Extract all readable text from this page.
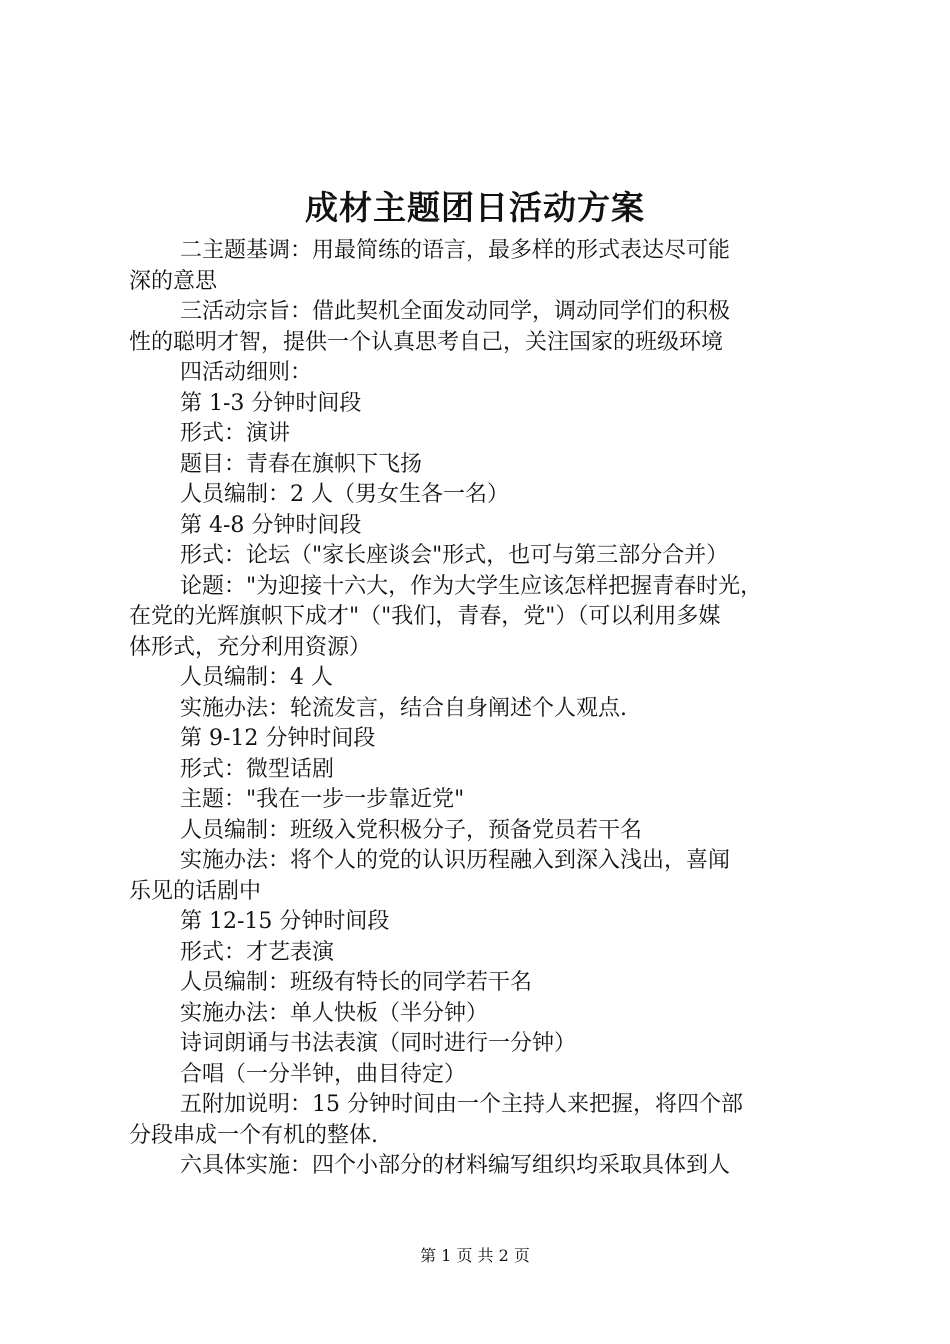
成材主题团日活动方案
二主题基调：用最简练的语言，最多样的形式表达尽可能
深的意思
三活动宗旨：借此契机全面发动同学，调动同学们的积极
性的聪明才智，提供一个认真思考自己，关注国家的班级环境
四活动细则：
第 1-3 分钟时间段
形式：演讲
题目：青春在旗帜下飞扬
人员编制：2 人（男女生各一名）
第 4-8 分钟时间段
形式：论坛（"家长座谈会"形式，也可与第三部分合并）
论题："为迎接十六大，作为大学生应该怎样把握青春时光，
在党的光辉旗帜下成才"（"我们，青春，党"）（可以利用多媒
体形式，充分利用资源）
人员编制：4 人
实施办法：轮流发言，结合自身阐述个人观点.
第 9-12 分钟时间段
形式：微型话剧
主题："我在一步一步靠近党"
人员编制：班级入党积极分子，预备党员若干名
实施办法：将个人的党的认识历程融入到深入浅出，喜闻
乐见的话剧中
第 12-15 分钟时间段
形式：才艺表演
人员编制：班级有特长的同学若干名
实施办法：单人快板（半分钟）
诗词朗诵与书法表演（同时进行一分钟）
合唱（一分半钟，曲目待定）
五附加说明：15 分钟时间由一个主持人来把握，将四个部
分段串成一个有机的整体.
六具体实施：四个小部分的材料编写组织均采取具体到人
第 1 页 共 2 页
